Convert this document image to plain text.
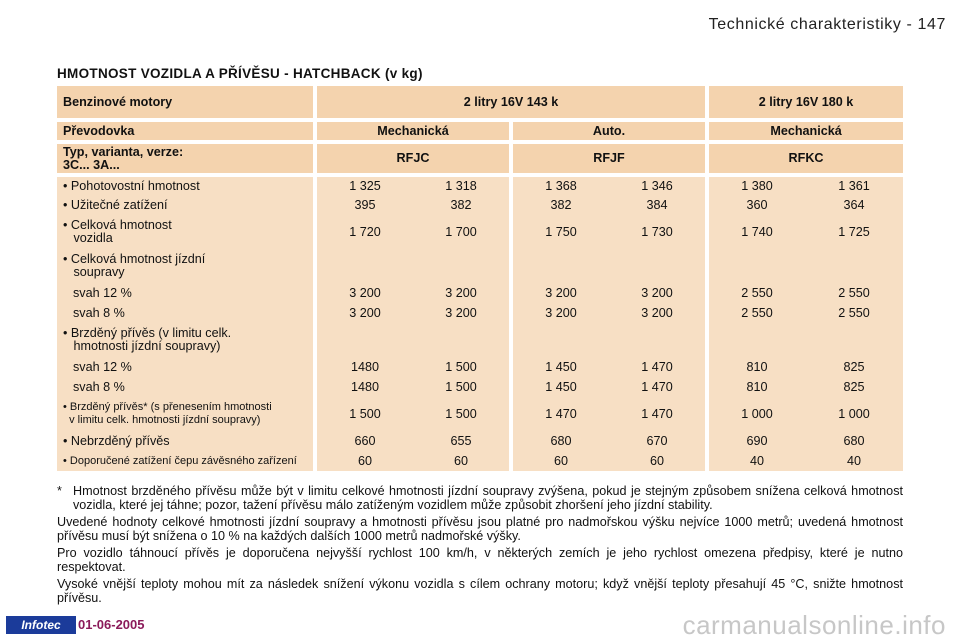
Technické charakteristiky - 147
HMOTNOST VOZIDLA A PŘÍVĚSU - HATCHBACK (v kg)
Benzinové motory	2 litry 16V 143 k				2 litry 16V 180 k	
Převodovka	Mechanická		Auto.		Mechanická	
Typ, varianta, verze:
3C... 3A...	RFJC		RFJF		RFKC	
• Pohotovostní hmotnost	1 325	1 318	1 368	1 346	1 380	1 361
• Užitečné zatížení	395	382	382	384	360	364
• Celková hmotnost
vozidla	1 720	1 700	1 750	1 730	1 740	1 725
• Celková hmotnost jízdní
soupravy						
svah 12 %	3 200	3 200	3 200	3 200	2 550	2 550
svah 8 %	3 200	3 200	3 200	3 200	2 550	2 550
• Brzděný přívěs (v limitu celk.
hmotnosti jízdní soupravy)						
svah 12 %	1480	1 500	1 450	1 470	810	825
svah 8 %	1480	1 500	1 450	1 470	810	825
• Brzděný přívěs* (s přenesením hmotnosti
v limitu celk. hmotnosti jízdní soupravy)	1 500	1 500	1 470	1 470	1 000	1 000
• Nebrzděný přívěs	660	655	680	670	690	680
• Doporučené zatížení čepu závěsného zařízení	60	60	60	60	40	40

* Hmotnost brzděného přívěsu může být v limitu celkové hmotnosti jízdní soupravy zvýšena, pokud je stejným způsobem snížena celková hmotnost vozidla, které jej táhne; pozor, tažení přívěsu málo zatíženým vozidlem může způsobit zhoršení jeho jízdní stability.

Uvedené hodnoty celkové hmotnosti jízdní soupravy a hmotnosti přívěsu jsou platné pro nadmořskou výšku nejvíce 1000 metrů; uvedená hmotnost přívěsu musí být snížena o 10 % na každých dalších 1000 metrů nadmořské výšky.

Pro vozidlo táhnoucí přívěs je doporučena nejvyšší rychlost 100 km/h, v některých zemích je jeho rychlost omezena předpisy, které je nutno respektovat.

Vysoké vnější teploty mohou mít za následek snížení výkonu vozidla s cílem ochrany motoru; když vnější teploty přesahují 45 °C, snižte hmotnost přívěsu.

Infotec	01-06-2005	carmanualsonline.info
